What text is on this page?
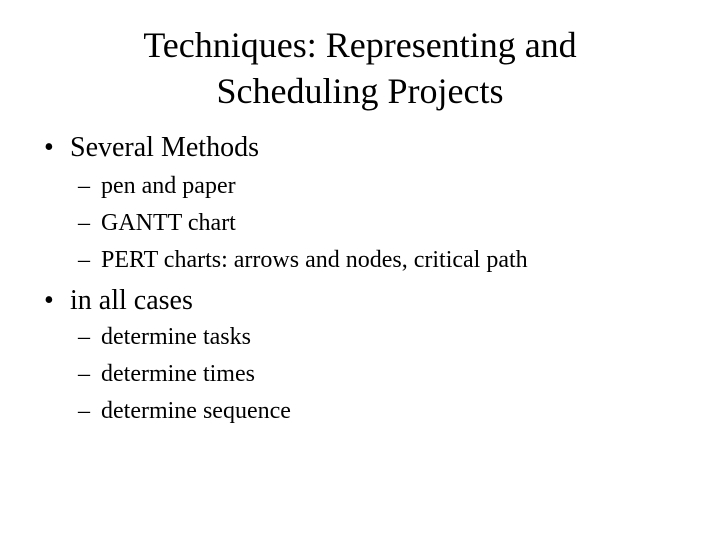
Techniques: Representing and
Scheduling Projects
• Several Methods
– pen and paper
– GANTT chart
– PERT charts: arrows and nodes, critical path
• in all cases
– determine tasks
– determine times
– determine sequence
